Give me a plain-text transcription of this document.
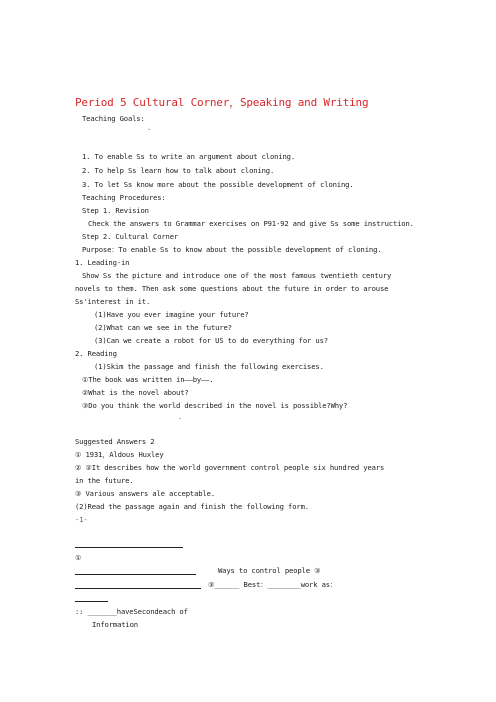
Period 5 Cultural Corner，Speaking and Writing
Teaching Goals:
·
1. To enable Ss to write an argument about cloning.
2. To help Ss learn how to talk about cloning.
3. To let Ss know more about the possible development of cloning.
Teaching Procedures:
Step 1. Revision
Check the answers to Grammar exercises on P91-92 and give Ss some instruction.
Step 2. Cultural Corner
Purpose：To enable Ss to know about the possible development of cloning.
1. Leading-in
Show Ss the picture and introduce one of the most famous twentieth century
novels to them. Then ask some questions about the future in order to arouse
Ss'interest in it.
(1)Have you ever imagine your future?
(2)What can we see in the future?
(3)Can we create a robot for US to do everything for us?
2. Reading
(1)Skim the passage and finish the following exercises.
①The book was written in——by——.
②What is the novel about?
③Do you think the world described in the novel is possible?Why?
·
Suggested Answers 2
① 1931，Aldous Huxley
② ②It describes how the world government control people six hundred years
in the future.
③ Various answers ale acceptable.
(2)Read the passage again and finish the following form.
-1-
①
Ways to control people ③
③______ Best：________work as：
:: _______haveSecondeach of
Information
